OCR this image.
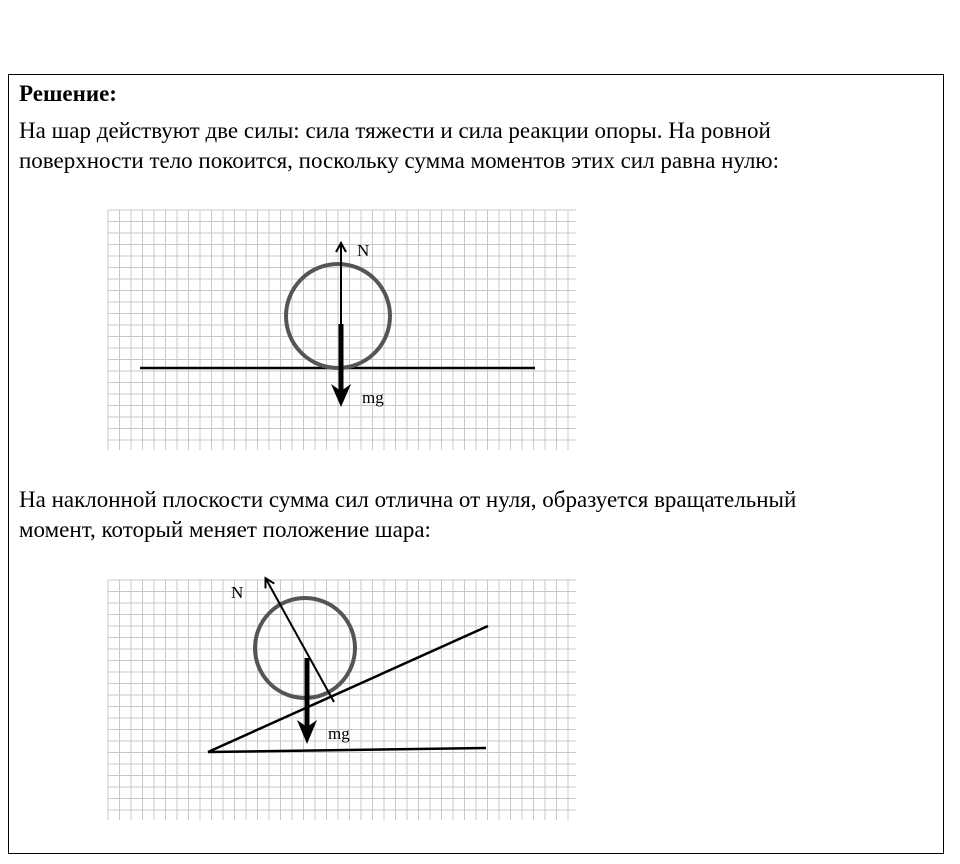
Решение:

На шар действуют две силы: сила тяжести и сила реакции опоры. На ровной
поверхности тело покоится, поскольку сумма моментов этих сил равна нулю:

N
mg

На наклонной плоскости сумма сил отлична от нуля, образуется вращательный
момент, который меняет положение шара:

N
mg
